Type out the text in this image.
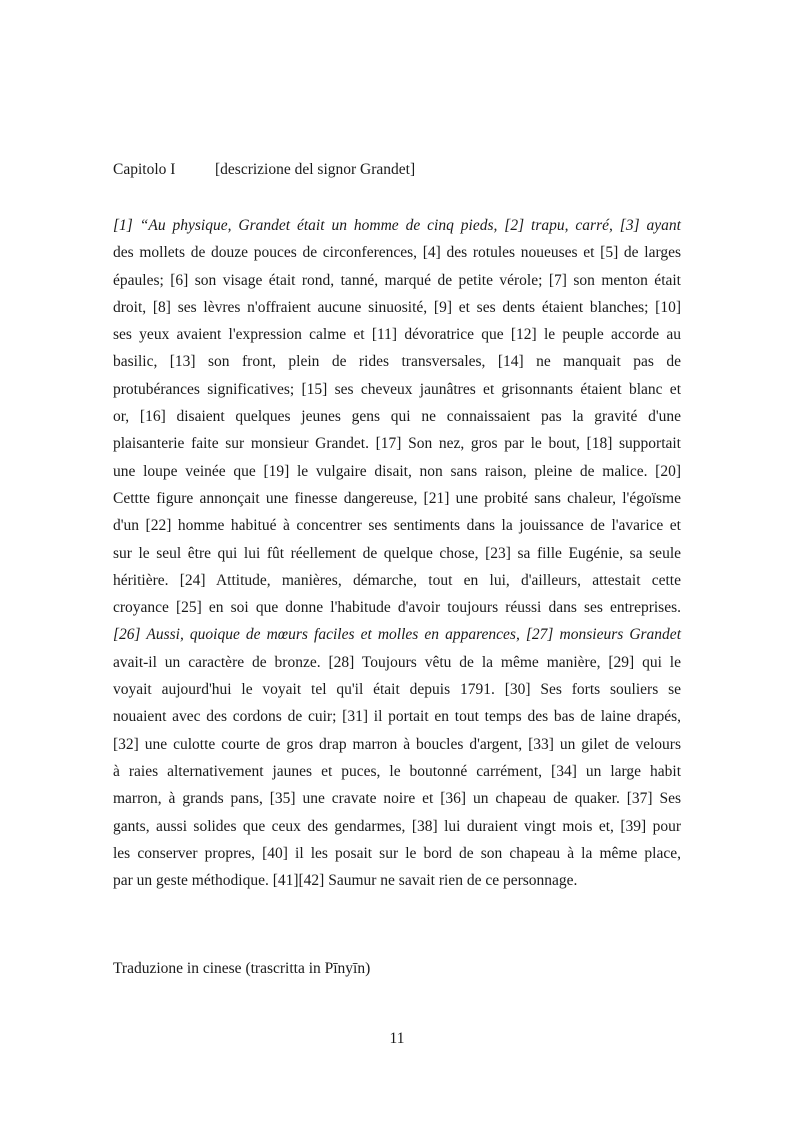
Capitolo I	[descrizione del signor Grandet]
[1] “Au physique, Grandet était un homme de cinq pieds, [2] trapu, carré, [3] ayant
des mollets de douze pouces de circonferences, [4] des rotules noueuses et [5] de larges
épaules; [6] son visage était rond, tanné, marqué de petite vérole; [7] son menton était
droit, [8] ses lèvres n'offraient aucune sinuosité, [9] et ses dents étaient blanches; [10]
ses yeux avaient l'expression calme et [11] dévoratrice que [12] le peuple accorde au
basilic, [13] son front, plein de rides transversales, [14] ne manquait pas de
protubérances significatives; [15] ses cheveux jaunâtres et grisonnants étaient blanc et
or, [16] disaient quelques jeunes gens qui ne connaissaient pas la gravité d'une
plaisanterie faite sur monsieur Grandet. [17] Son nez, gros par le bout, [18] supportait
une loupe veinée que [19] le vulgaire disait, non sans raison, pleine de malice. [20]
Cettte figure annonçait une finesse dangereuse, [21] une probité sans chaleur, l'égoïsme
d'un [22] homme habitué à concentrer ses sentiments dans la jouissance de l'avarice et
sur le seul être qui lui fût réellement de quelque chose, [23] sa fille Eugénie, sa seule
héritière. [24] Attitude, manières, démarche, tout en lui, d'ailleurs, attestait cette
croyance [25] en soi que donne l'habitude d'avoir toujours réussi dans ses entreprises.
[26] Aussi, quoique de mœurs faciles et molles en apparences, [27] monsieurs Grandet
avait-il un caractère de bronze. [28] Toujours vêtu de la même manière, [29] qui le
voyait aujourd'hui le voyait tel qu'il était depuis 1791. [30] Ses forts souliers se
nouaient avec des cordons de cuir; [31] il portait en tout temps des bas de laine drapés,
[32] une culotte courte de gros drap marron à boucles d'argent, [33] un gilet de velours
à raies alternativement jaunes et puces, le boutonné carrément, [34] un large habit
marron, à grands pans, [35] une cravate noire et [36] un chapeau de quaker. [37] Ses
gants, aussi solides que ceux des gendarmes, [38] lui duraient vingt mois et, [39] pour
les conserver propres, [40] il les posait sur le bord de son chapeau à la même place,
par un geste méthodique. [41][42] Saumur ne savait rien de ce personnage.
Traduzione in cinese (trascritta in Pīnyīn)
11
